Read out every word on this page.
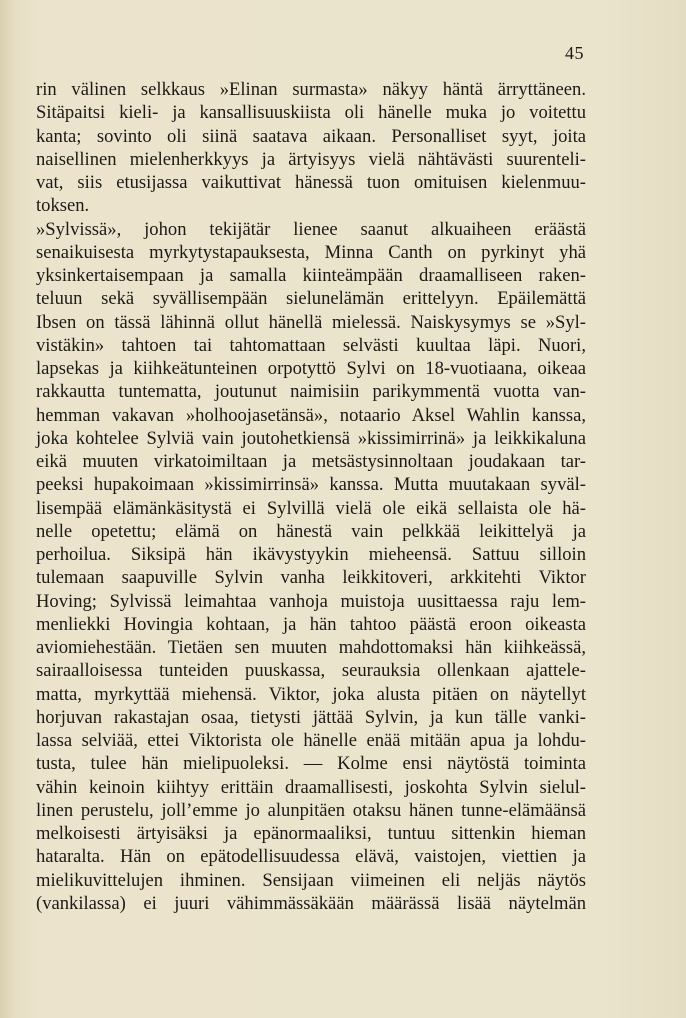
45
rin välinen selkkaus »Elinan surmasta» näkyy häntä ärryttäneen.
Sitäpaitsi kieli- ja kansallisuuskiista oli hänelle muka jo voitettu
kanta; sovinto oli siinä saatava aikaan. Personalliset syyt, joita
naisellinen mielenherkkyys ja ärtyisyys vielä nähtävästi suurenteli-
vat, siis etusijassa vaikuttivat hänessä tuon omituisen kielenmuu-
toksen.
»Sylvissä», johon tekijätär lienee saanut alkuaiheen eräästä
senaikuisesta myrkytystapauksesta, Minna Canth on pyrkinyt yhä
yksinkertaisempaan ja samalla kiinteämpään draamalliseen raken-
teluun sekä syvällisempään sielunelämän erittelyyn. Epäilemättä
Ibsen on tässä lähinnä ollut hänellä mielessä. Naiskysymys se »Syl-
vistäkin» tahtoen tai tahtomattaan selvästi kuultaa läpi. Nuori,
lapsekas ja kiihkeätunteinen orpotyttö Sylvi on 18-vuotiaana, oikeaa
rakkautta tuntematta, joutunut naimisiin parikymmentä vuotta van-
hemman vakavan »holhoojasetänsä», notaario Aksel Wahlin kanssa,
joka kohtelee Sylviä vain joutohetkiensä »kissimirrinä» ja leikkikaluna
eikä muuten virkatoimiltaan ja metsästysinnoltaan joudakaan tar-
peeksi hupakoimaan »kissimirrinsä» kanssa. Mutta muutakaan syväl-
lisempää elämänkäsitystä ei Sylvillä vielä ole eikä sellaista ole hä-
nelle opetettu; elämä on hänestä vain pelkkää leikittelyä ja
perhoilua. Siksipä hän ikävystyykin mieheensä. Sattuu silloin
tulemaan saapuville Sylvin vanha leikkitoveri, arkkitehti Viktor
Hoving; Sylvissä leimahtaa vanhoja muistoja uusittaessa raju lem-
menliekki Hovingia kohtaan, ja hän tahtoo päästä eroon oikeasta
aviomiehestään. Tietäen sen muuten mahdottomaksi hän kiihkeässä,
sairaalloisessa tunteiden puuskassa, seurauksia ollenkaan ajattele-
matta, myrkyttää miehensä. Viktor, joka alusta pitäen on näytellyt
horjuvan rakastajan osaa, tietysti jättää Sylvin, ja kun tälle vanki-
lassa selviää, ettei Viktorista ole hänelle enää mitään apua ja lohdu-
tusta, tulee hän mielipuoleksi. — Kolme ensi näytöstä toiminta
vähin keinoin kiihtyy erittäin draamallisesti, joskohta Sylvin sielul-
linen perustelu, joll’emme jo alunpitäen otaksu hänen tunne-elämäänsä
melkoisesti ärtyisäksi ja epänormaaliksi, tuntuu sittenkin hieman
hataralta. Hän on epätodellisuudessa elävä, vaistojen, viettien ja
mielikuvittelujen ihminen. Sensijaan viimeinen eli neljäs näytös
(vankilassa) ei juuri vähimmässäkään määrässä lisää näytelmän
